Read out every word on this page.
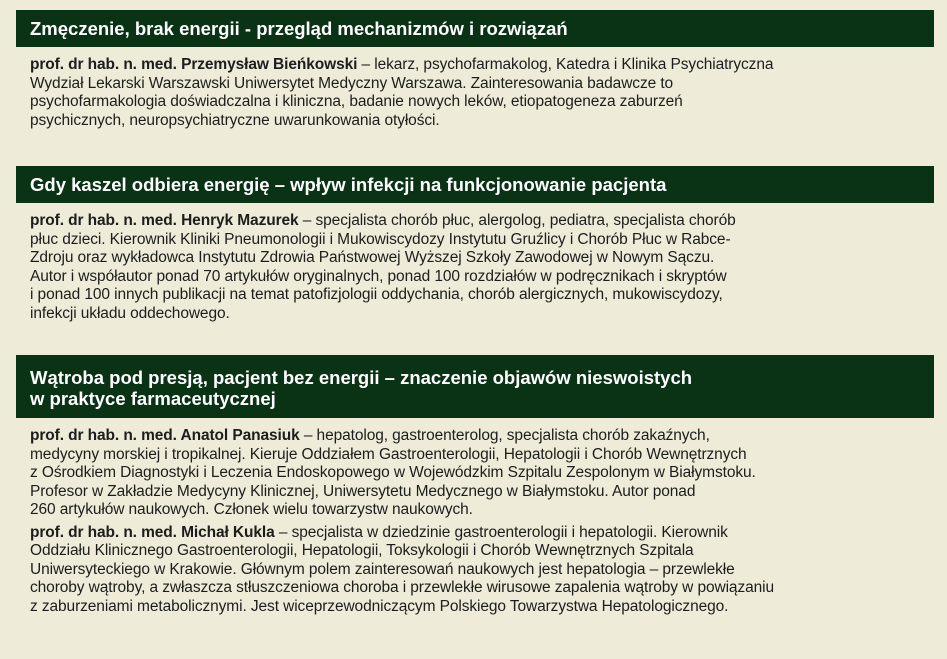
Zmęczenie, brak energii - przegląd mechanizmów i rozwiązań
prof. dr hab. n. med. Przemysław Bieńkowski – lekarz, psychofarmakolog, Katedra i Klinika Psychiatryczna
Wydział Lekarski Warszawski Uniwersytet Medyczny Warszawa. Zainteresowania badawcze to
psychofarmakologia doświadczalna i kliniczna, badanie nowych leków, etiopatogeneza zaburzeń
psychicznych, neuropsychiatryczne uwarunkowania otyłości.
Gdy kaszel odbiera energię – wpływ infekcji na funkcjonowanie pacjenta
prof. dr hab. n. med. Henryk Mazurek – specjalista chorób płuc, alergolog, pediatra, specjalista chorób
płuc dzieci. Kierownik Kliniki Pneumonologii i Mukowiscydozy Instytutu Gruźlicy i Chorób Płuc w Rabce-
Zdroju oraz wykładowca Instytutu Zdrowia Państwowej Wyższej Szkoły Zawodowej w Nowym Sączu.
Autor i współautor ponad 70 artykułów oryginalnych, ponad 100 rozdziałów w podręcznikach i skryptów
i ponad 100 innych publikacji na temat patofizjologii oddychania, chorób alergicznych, mukowiscydozy,
infekcji układu oddechowego.
Wątroba pod presją, pacjent bez energii – znaczenie objawów nieswoistych
w praktyce farmaceutycznej
prof. dr hab. n. med. Anatol Panasiuk – hepatolog, gastroenterolog, specjalista chorób zakaźnych,
medycyny morskiej i tropikalnej. Kieruje Oddziałem Gastroenterologii, Hepatologii i Chorób Wewnętrznych
z Ośrodkiem Diagnostyki i Leczenia Endoskopowego w Wojewódzkim Szpitalu Zespolonym w Białymstoku.
Profesor w Zakładzie Medycyny Klinicznej, Uniwersytetu Medycznego w Białymstoku. Autor ponad
260 artykułów naukowych. Członek wielu towarzystw naukowych.
prof. dr hab. n. med. Michał Kukla – specjalista w dziedzinie gastroenterologii i hepatologii. Kierownik
Oddziału Klinicznego Gastroenterologii, Hepatologii, Toksykologii i Chorób Wewnętrznych Szpitala
Uniwersyteckiego w Krakowie. Głównym polem zainteresowań naukowych jest hepatologia – przewlekłe
choroby wątroby, a zwłaszcza stłuszczeniowa choroba i przewlekłe wirusowe zapalenia wątroby w powiązaniu
z zaburzeniami metabolicznymi. Jest wiceprzewodniczącym Polskiego Towarzystwa Hepatologicznego.
